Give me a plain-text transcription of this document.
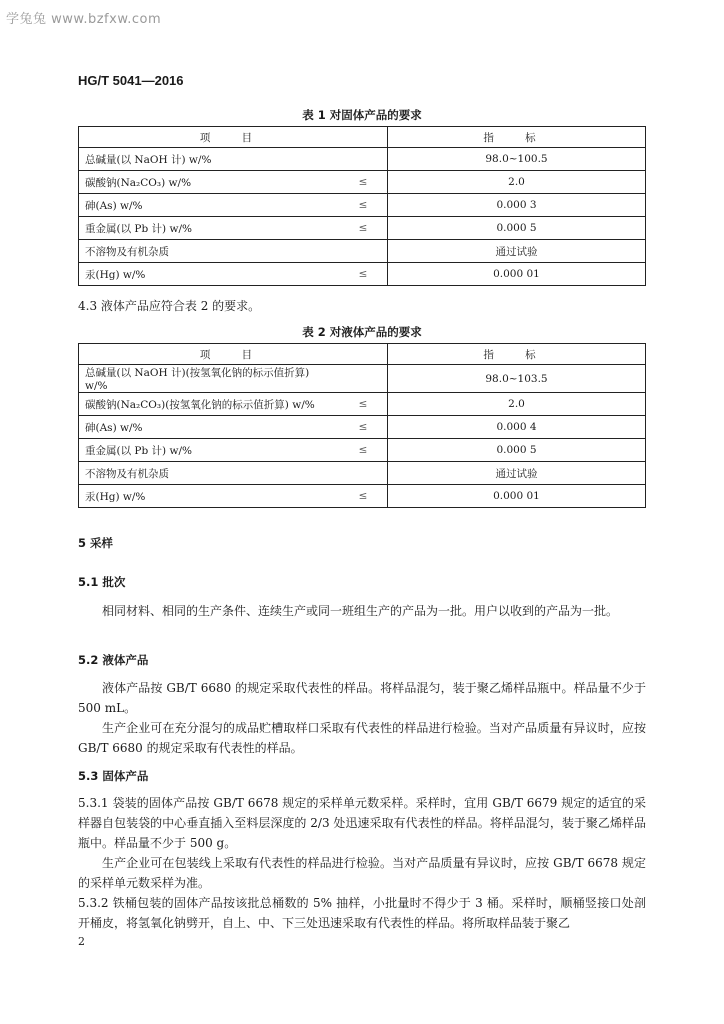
学兔兔 www.bzfxw.com
HG/T 5041—2016
表 1 对固体产品的要求
项 目		指 标
总碱量(以 NaOH 计) w/%		98.0~100.5
碳酸钠(Na₂CO₃) w/%	≤	2.0
砷(As) w/%	≤	0.000 3
重金属(以 Pb 计) w/%	≤	0.000 5
不溶物及有机杂质		通过试验
汞(Hg) w/%	≤	0.000 01
4.3 液体产品应符合表 2 的要求。
表 2 对液体产品的要求
项 目		指 标
总碱量(以 NaOH 计)(按氢氧化钠的标示值折算) w/%		98.0~103.5
碳酸钠(Na₂CO₃)(按氢氧化钠的标示值折算) w/%	≤	2.0
砷(As) w/%	≤	0.000 4
重金属(以 Pb 计) w/%	≤	0.000 5
不溶物及有机杂质		通过试验
汞(Hg) w/%	≤	0.000 01
5 采样
5.1 批次
相同材料、相同的生产条件、连续生产或同一班组生产的产品为一批。用户以收到的产品为一批。
5.2 液体产品
液体产品按 GB/T 6680 的规定采取代表性的样品。将样品混匀，装于聚乙烯样品瓶中。样品量不少于 500 mL。
生产企业可在充分混匀的成品贮槽取样口采取有代表性的样品进行检验。当对产品质量有异议时，应按 GB/T 6680 的规定采取有代表性的样品。
5.3 固体产品
5.3.1 袋装的固体产品按 GB/T 6678 规定的采样单元数采样。采样时，宜用 GB/T 6679 规定的适宜的采样器自包装袋的中心垂直插入至料层深度的 2/3 处迅速采取有代表性的样品。将样品混匀，装于聚乙烯样品瓶中。样品量不少于 500 g。
生产企业可在包装线上采取有代表性的样品进行检验。当对产品质量有异议时，应按 GB/T 6678 规定的采样单元数采样为准。
5.3.2 铁桶包装的固体产品按该批总桶数的 5% 抽样，小批量时不得少于 3 桶。采样时，顺桶竖接口处剖开桶皮，将氢氧化钠劈开，自上、中、下三处迅速采取有代表性的样品。将所取样品装于聚乙
2
